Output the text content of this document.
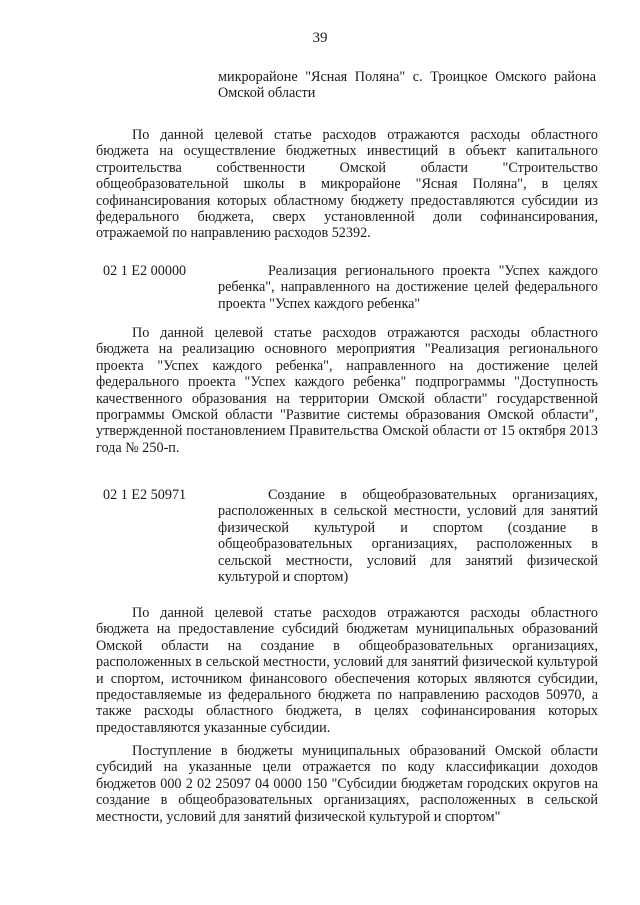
39

микрорайоне "Ясная Поляна" с. Троицкое Омского района Омской области

По данной целевой статье расходов отражаются расходы областного бюджета на осуществление бюджетных инвестиций в объект капитального строительства собственности Омской области "Строительство общеобразовательной школы в микрорайоне "Ясная Поляна", в целях софинансирования которых областному бюджету предоставляются субсидии из федерального бюджета, сверх установленной доли софинансирования, отражаемой по направлению расходов 52392.

02 1 E2 00000	Реализация регионального проекта "Успех каждого ребенка", направленного на достижение целей федерального проекта "Успех каждого ребенка"

По данной целевой статье расходов отражаются расходы областного бюджета на реализацию основного мероприятия "Реализация регионального проекта "Успех каждого ребенка", направленного на достижение целей федерального проекта "Успех каждого ребенка" подпрограммы "Доступность качественного образования на территории Омской области" государственной программы Омской области "Развитие системы образования Омской области", утвержденной постановлением Правительства Омской области от 15 октября 2013 года № 250-п.

02 1 E2 50971	Создание в общеобразовательных организациях, расположенных в сельской местности, условий для занятий физической культурой и спортом (создание в общеобразовательных организациях, расположенных в сельской местности, условий для занятий физической культурой и спортом)

По данной целевой статье расходов отражаются расходы областного бюджета на предоставление субсидий бюджетам муниципальных образований Омской области на создание в общеобразовательных организациях, расположенных в сельской местности, условий для занятий физической культурой и спортом, источником финансового обеспечения которых являются субсидии, предоставляемые из федерального бюджета по направлению расходов 50970, а также расходы областного бюджета, в целях софинансирования которых предоставляются указанные субсидии.

Поступление в бюджеты муниципальных образований Омской области субсидий на указанные цели отражается по коду классификации доходов бюджетов 000 2 02 25097 04 0000 150 "Субсидии бюджетам городских округов на создание в общеобразовательных организациях, расположенных в сельской местности, условий для занятий физической культурой и спортом"
